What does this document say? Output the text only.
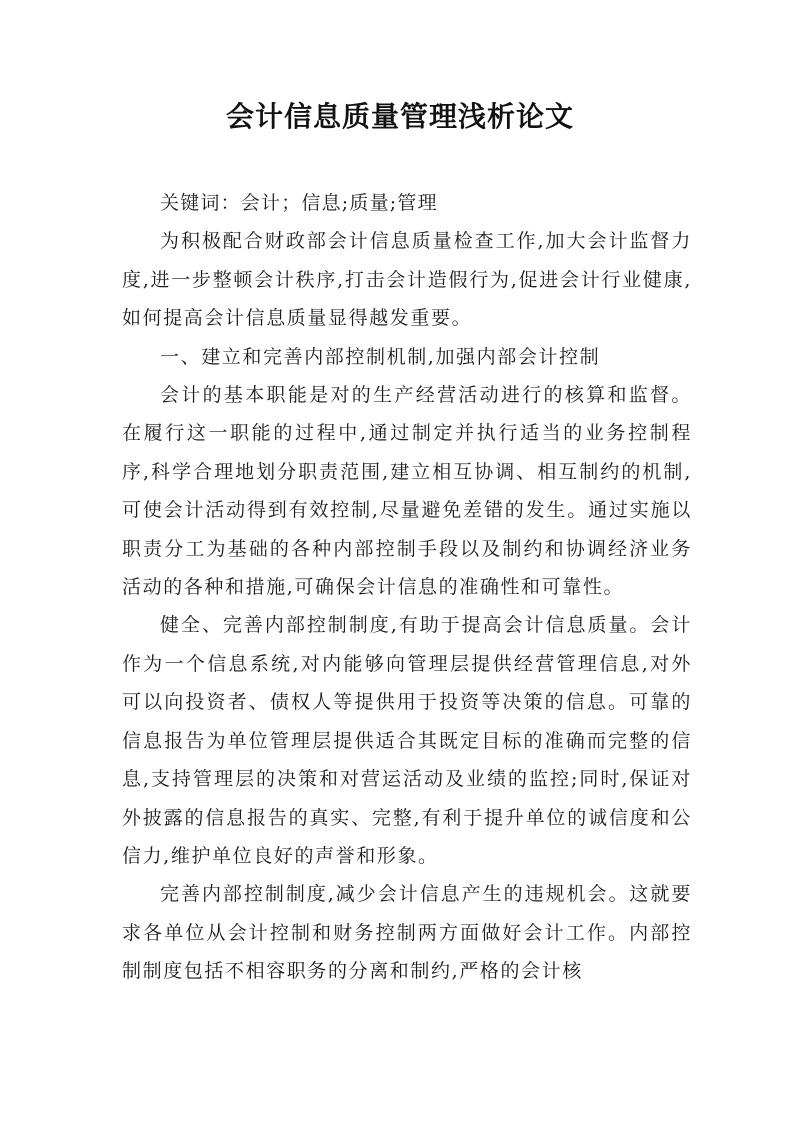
会计信息质量管理浅析论文

关键词：会计；信息;质量;管理

为积极配合财政部会计信息质量检查工作,加大会计监督力度,进一步整顿会计秩序,打击会计造假行为,促进会计行业健康,如何提高会计信息质量显得越发重要。

一、建立和完善内部控制机制,加强内部会计控制

会计的基本职能是对的生产经营活动进行的核算和监督。在履行这一职能的过程中,通过制定并执行适当的业务控制程序,科学合理地划分职责范围,建立相互协调、相互制约的机制,可使会计活动得到有效控制,尽量避免差错的发生。通过实施以职责分工为基础的各种内部控制手段以及制约和协调经济业务活动的各种和措施,可确保会计信息的准确性和可靠性。

健全、完善内部控制制度,有助于提高会计信息质量。会计作为一个信息系统,对内能够向管理层提供经营管理信息,对外可以向投资者、债权人等提供用于投资等决策的信息。可靠的信息报告为单位管理层提供适合其既定目标的准确而完整的信息,支持管理层的决策和对营运活动及业绩的监控;同时,保证对外披露的信息报告的真实、完整,有利于提升单位的诚信度和公信力,维护单位良好的声誉和形象。

完善内部控制制度,减少会计信息产生的违规机会。这就要求各单位从会计控制和财务控制两方面做好会计工作。内部控制制度包括不相容职务的分离和制约,严格的会计核
